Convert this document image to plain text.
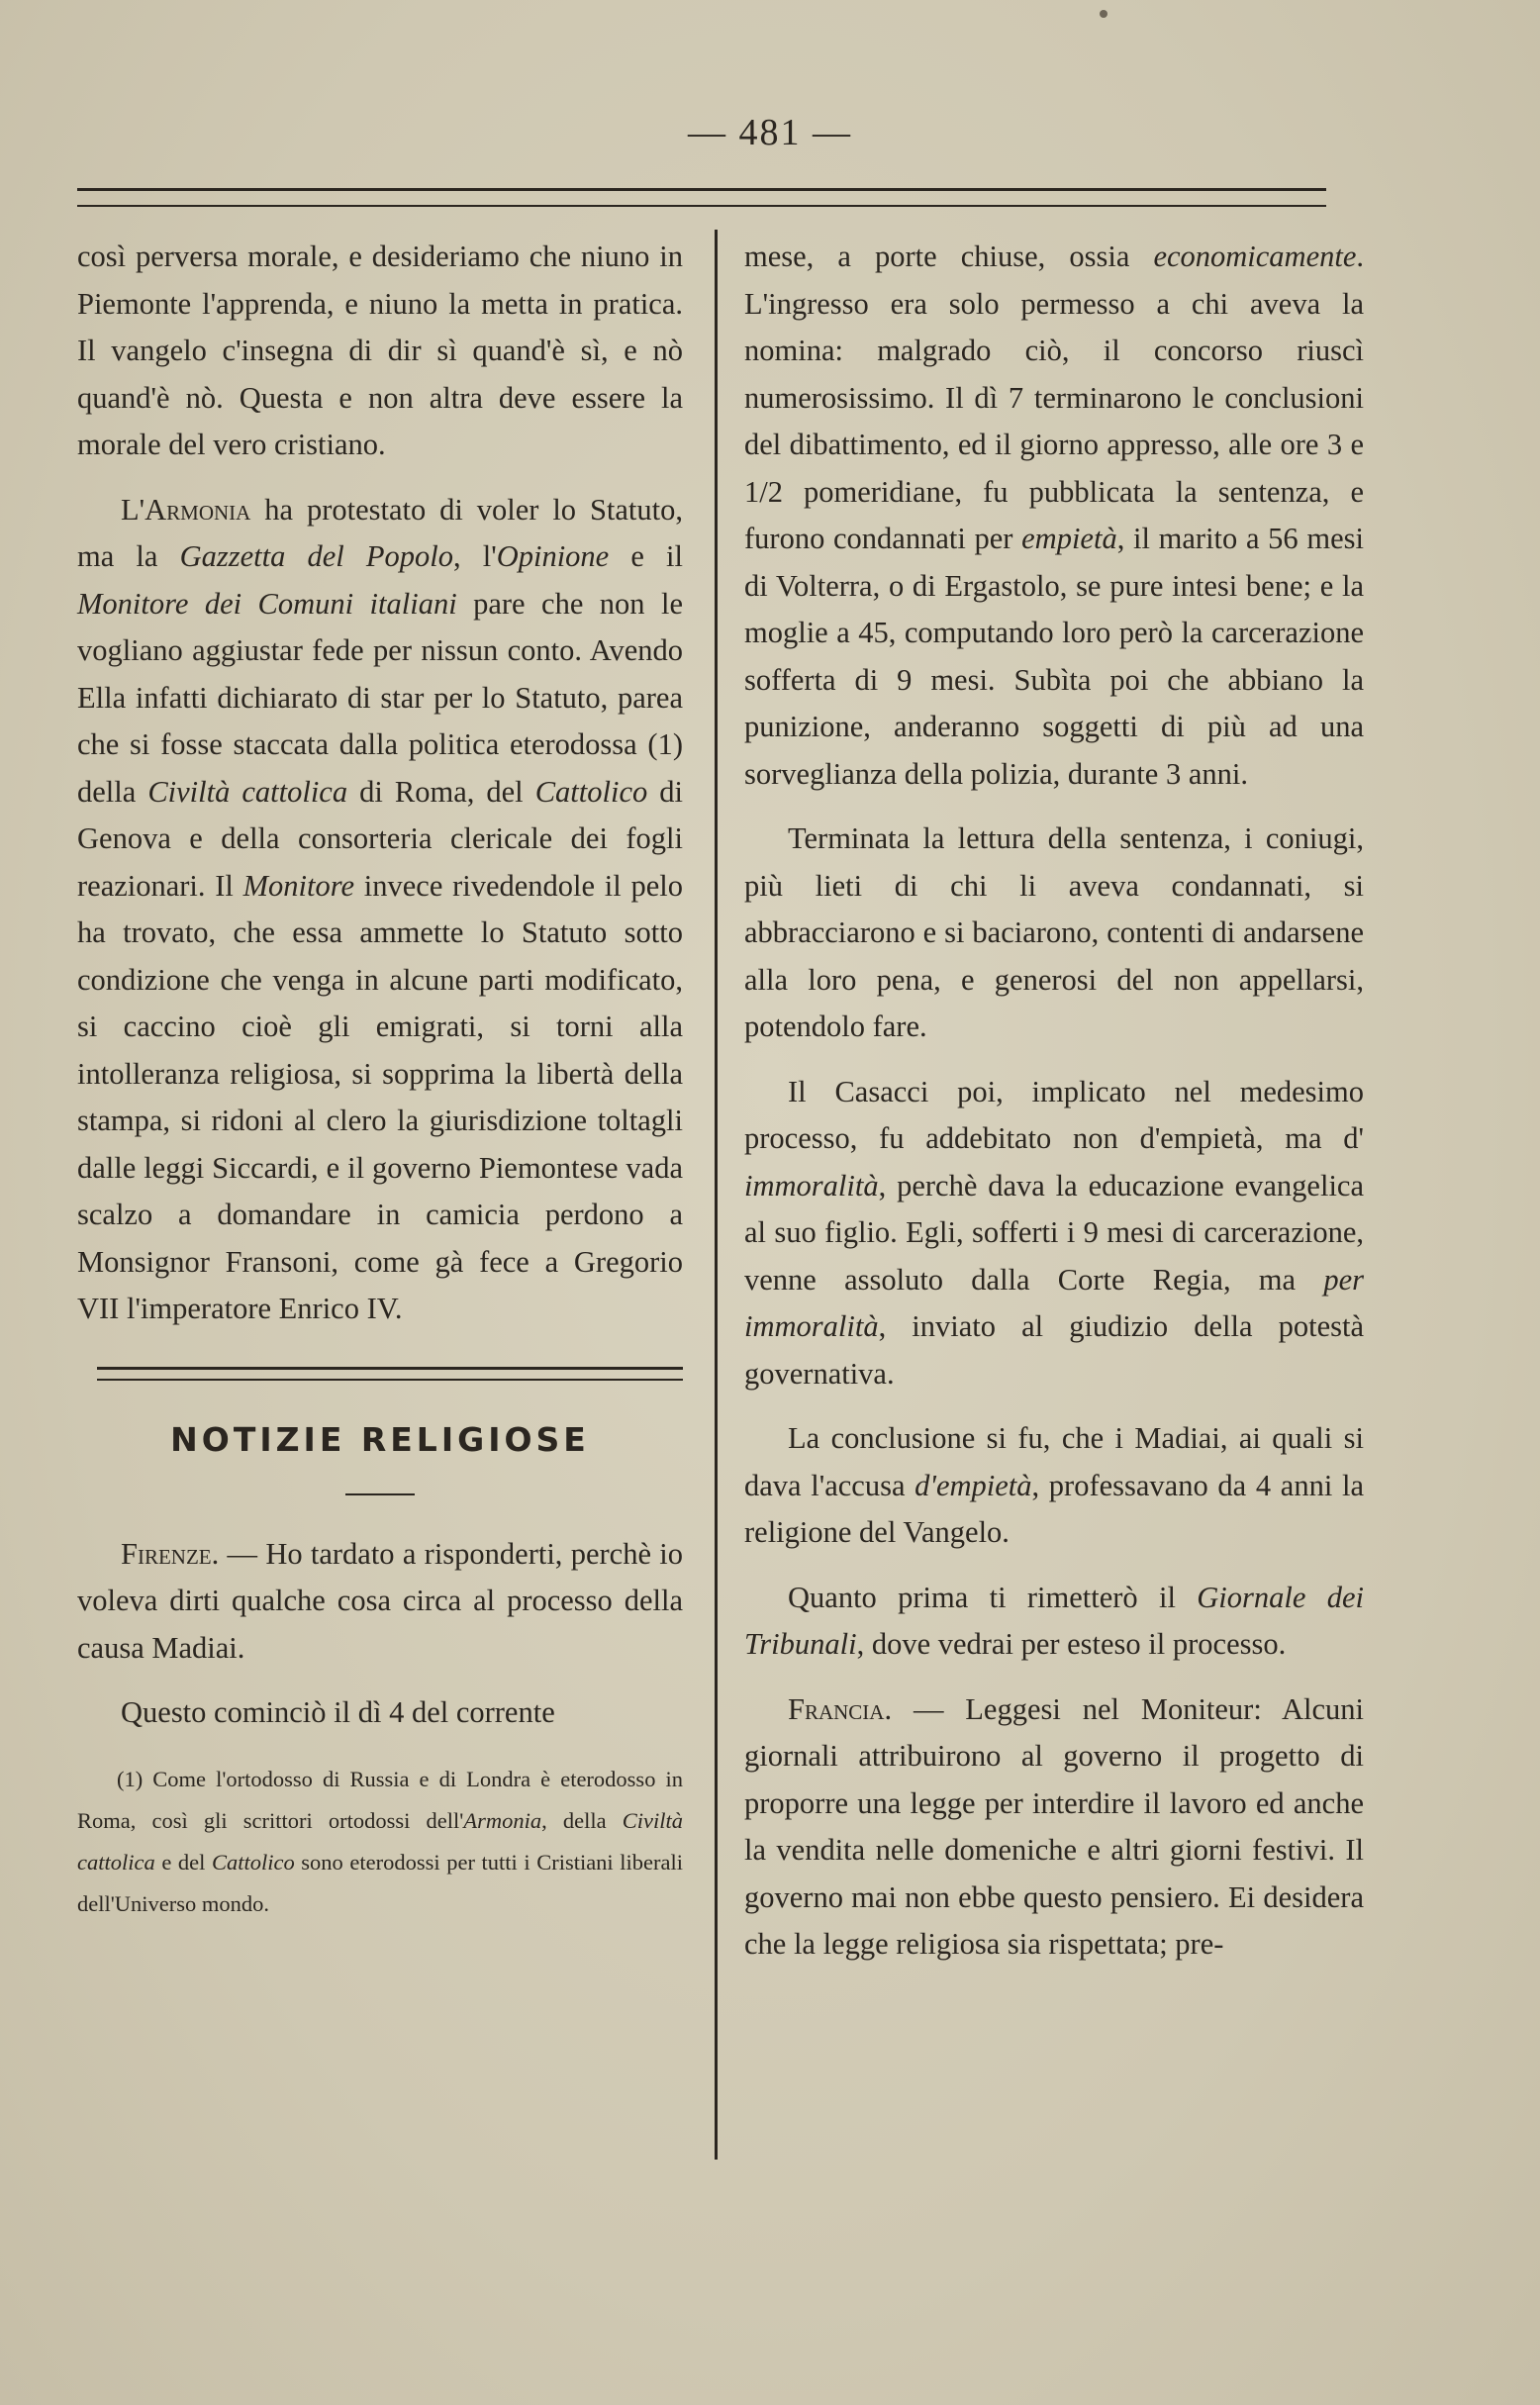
— 481 —

così perversa morale, e desideriamo che niuno in Piemonte l'apprenda, e niuno la metta in pratica. Il vangelo c'insegna di dir sì quand'è sì, e nò quand'è nò. Questa e non altra deve essere la morale del vero cristiano.

L'Armonia ha protestato di voler lo Statuto, ma la Gazzetta del Popolo, l'Opinione e il Monitore dei Comuni italiani pare che non le vogliano aggiustar fede per nissun conto. Avendo Ella infatti dichiarato di star per lo Statuto, parea che si fosse staccata dalla politica eterodossa (1) della Civiltà cattolica di Roma, del Cattolico di Genova e della consorteria clericale dei fogli reazionari. Il Monitore invece rivedendole il pelo ha trovato, che essa ammette lo Statuto sotto condizione che venga in alcune parti modificato, si caccino cioè gli emigrati, si torni alla intolleranza religiosa, si sopprima la libertà della stampa, si ridoni al clero la giurisdizione toltagli dalle leggi Siccardi, e il governo Piemontese vada scalzo a domandare in camicia perdono a Monsignor Fransoni, come gà fece a Gregorio VII l'imperatore Enrico IV.

NOTIZIE RELIGIOSE

Firenze. — Ho tardato a risponderti, perchè io voleva dirti qualche cosa circa al processo della causa Madiai.

Questo cominciò il dì 4 del corrente

(1) Come l'ortodosso di Russia e di Londra è eterodosso in Roma, così gli scrittori ortodossi dell'Armonia, della Civiltà cattolica e del Cattolico sono eterodossi per tutti i Cristiani liberali dell'Universo mondo.

mese, a porte chiuse, ossia economicamente. L'ingresso era solo permesso a chi aveva la nomina: malgrado ciò, il concorso riuscì numerosissimo. Il dì 7 terminarono le conclusioni del dibattimento, ed il giorno appresso, alle ore 3 e 1/2 pomeridiane, fu pubblicata la sentenza, e furono condannati per empietà, il marito a 56 mesi di Volterra, o di Ergastolo, se pure intesi bene; e la moglie a 45, computando loro però la carcerazione sofferta di 9 mesi. Subìta poi che abbiano la punizione, anderanno soggetti di più ad una sorveglianza della polizia, durante 3 anni.

Terminata la lettura della sentenza, i coniugi, più lieti di chi li aveva condannati, si abbracciarono e si baciarono, contenti di andarsene alla loro pena, e generosi del non appellarsi, potendolo fare.

Il Casacci poi, implicato nel medesimo processo, fu addebitato non d'empietà, ma d' immoralità, perchè dava la educazione evangelica al suo figlio. Egli, sofferti i 9 mesi di carcerazione, venne assoluto dalla Corte Regia, ma per immoralità, inviato al giudizio della potestà governativa.

La conclusione si fu, che i Madiai, ai quali si dava l'accusa d'empietà, professavano da 4 anni la religione del Vangelo.

Quanto prima ti rimetterò il Giornale dei Tribunali, dove vedrai per esteso il processo.

Francia. — Leggesi nel Moniteur: Alcuni giornali attribuirono al governo il progetto di proporre una legge per interdire il lavoro ed anche la vendita nelle domeniche e altri giorni festivi. Il governo mai non ebbe questo pensiero. Ei desidera che la legge religiosa sia rispettata; pre-
